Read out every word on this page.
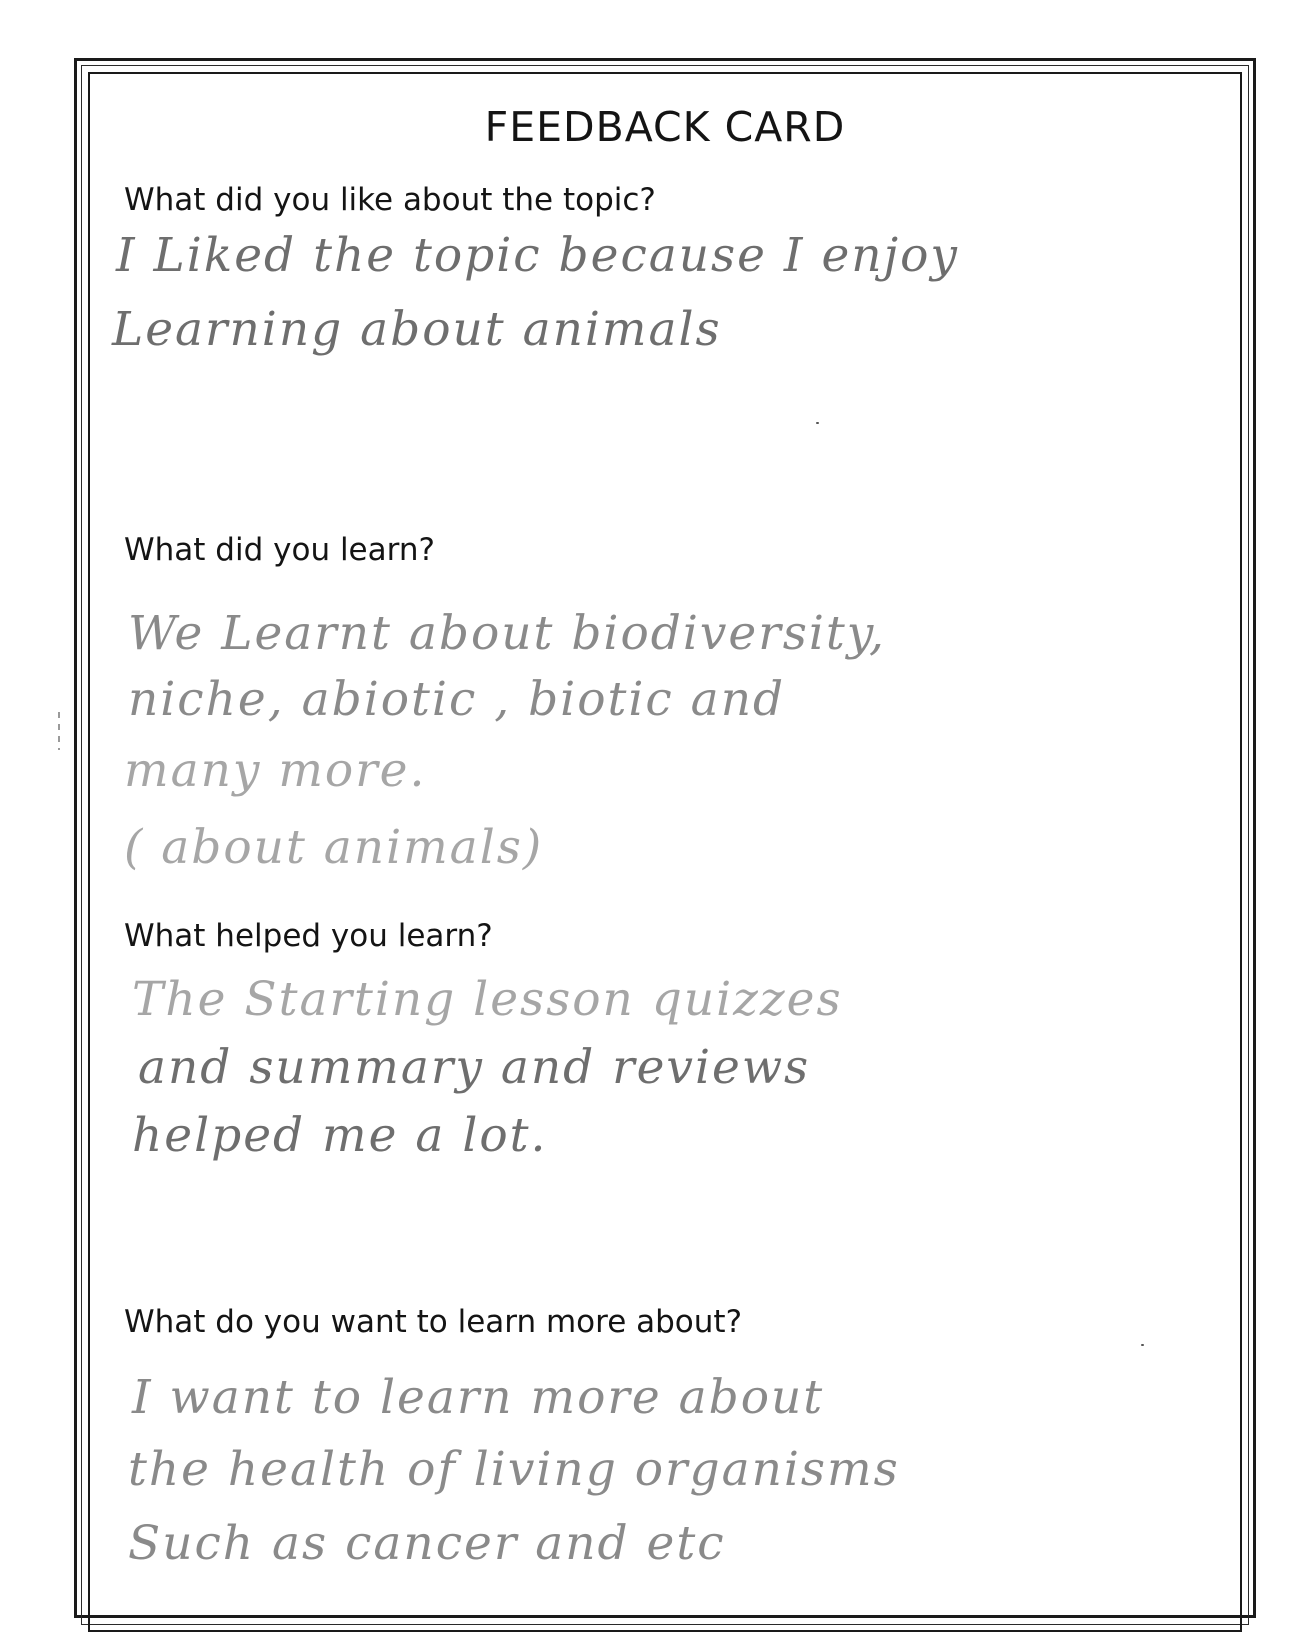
FEEDBACK CARD
What did you like about the topic?
I Liked the topic because I enjoy
Learning about animals
What did you learn?
We Learnt about biodiversity,
niche, abiotic , biotic and
many more.
( about animals)
What helped you learn?
The Starting lesson quizzes
and summary and reviews
helped me a lot.
What do you want to learn more about?
I want to learn more about
the health of living organisms
Such as cancer and etc
